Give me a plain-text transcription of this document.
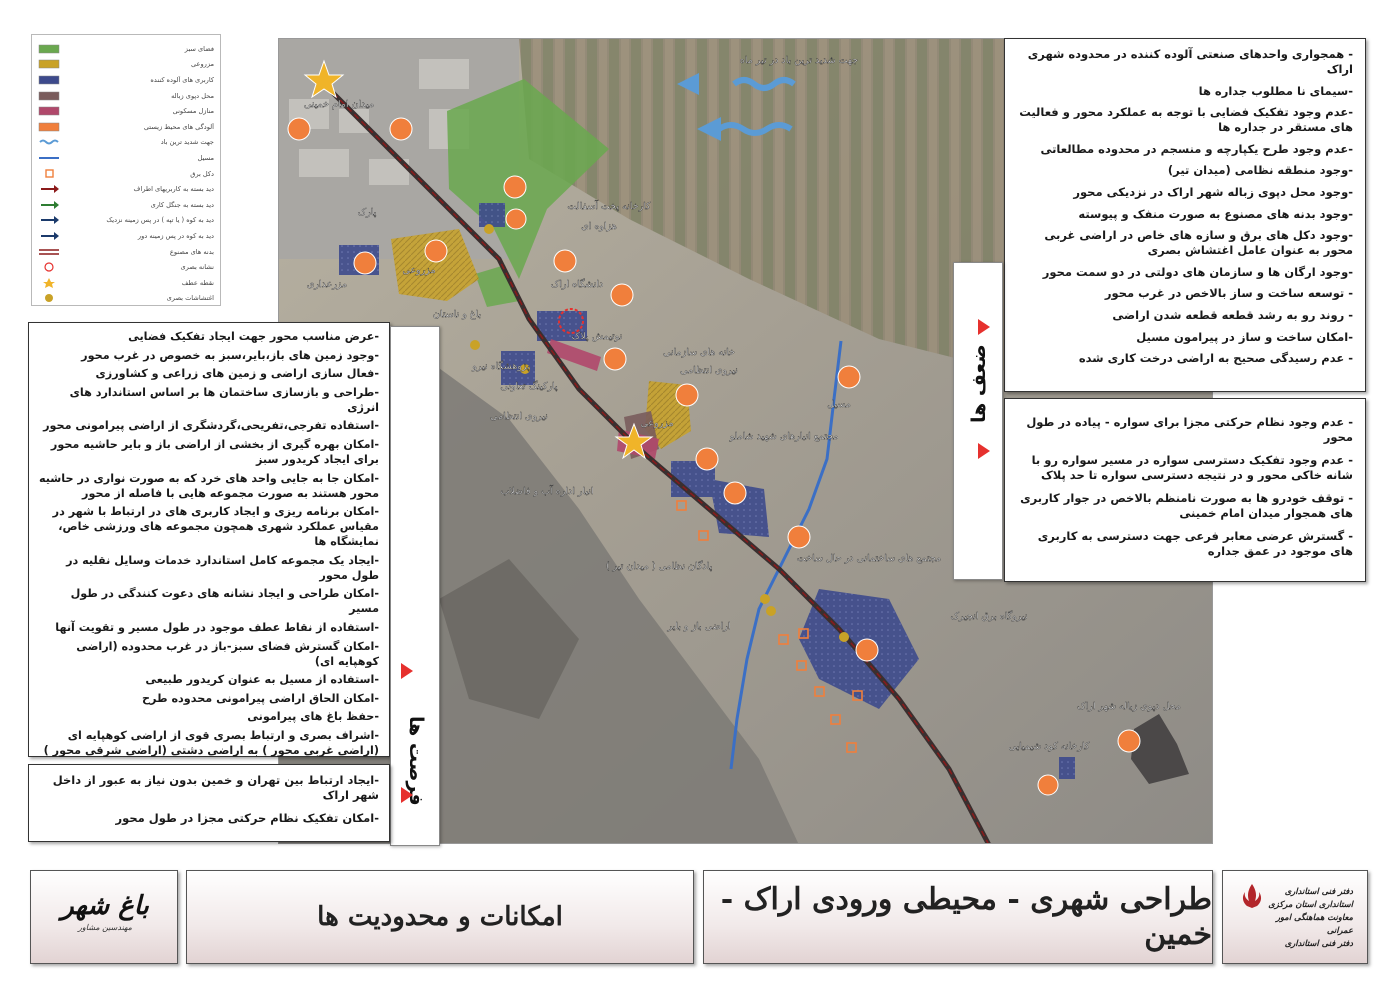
فضای سبز
مزروعی
کاربری های آلوده کننده
محل دپوی زباله
منازل مسکونی
آلودگی های محیط زیستی
جهت شدید ترین باد
مسیل
دکل برق
دید بسته به کاربریهای اطراف
دید بسته به جنگل کاری
دید به کوه ( یا تپه ) در پس زمینه نزدیک
دید به کوه در پس زمینه دور
بدنه های مصنوع
نشانه بصری
نقطه عطف
اغتشاشات بصری
جهت شدید ترین باد در تیر ماه
میدان امام خمینی
کارخانه پخت آسفالت
هزاوه ای
مزروعی
مزرعداری
پارک
دانشگاه اراک
باغ و ناستان
نوتیمش پلاک
خانه های سازمانی
نیروی انتظامی
مجتمع انبارهای شهید شاملو
مسیل
پارکینگ تعاونی
نیروی انتظامی
انبار اداره آب و فاضلاب
مزروعی
پادگان نظامی ( میدان تیر )
اراضی باز و بایر
مجتمع های ساختمانی در حال ساخت
نیروگاه برق انجیرک
محل دپوی زباله شهر اراک
کارخانه کود شیمیایی
پژوهشگاه نیرو
- همجواری واحدهای صنعتی آلوده کننده در محدوده شهری اراک
-سیمای نا مطلوب جداره ها
-عدم وجود تفکیک فضایی با توجه به عملکرد محور و فعالیت های مستقر در جداره ها
-عدم وجود طرح یکپارچه و منسجم در محدوده مطالعاتی
-وجود منطقه نظامی (میدان تیر)
-وجود محل دپوی زباله شهر اراک در نزدیکی محور
-وجود بدنه های مصنوع به صورت منفک و پیوسته
-وجود دکل های برق و سازه های خاص در اراضی غربی محور به عنوان عامل اغتشاش بصری
-وجود ارگان ها و سازمان های دولتی در دو سمت محور
- توسعه ساخت و ساز بالاخص در غرب محور
- روند رو به رشد قطعه قطعه شدن اراضی
-امکان ساخت و ساز در پیرامون مسیل
- عدم رسیدگی صحیح به اراضی درخت کاری شده
ضعف ها	- عدم وجود نظام حرکتی مجزا برای سواره - پیاده در طول محور
- عدم وجود تفکیک دسترسی سواره در مسیر سواره رو با شانه خاکی محور و در نتیجه دسترسی سواره تا حد پلاک
- توقف خودرو ها به صورت نامنظم بالاخص در جوار کاربری های همجوار میدان امام خمینی
- گسترش عرضی معابر فرعی جهت دسترسی به کاربری های موجود در عمق جداره
-عرض مناسب محور جهت ایجاد تفکیک فضایی
-وجود زمین های باز،بایر،سبز به خصوص در غرب محور
-فعال سازی اراضی و زمین های زراعی و کشاورزی
-طراحی و بازسازی ساختمان ها بر اساس استاندارد های انرژی
-استفاده تفرجی،تفریحی،گردشگری از اراضی پیرامونی محور
-امکان بهره گیری از بخشی از اراضی باز و بایر حاشیه محور برای ایجاد کریدور سبز
-امکان جا به جایی واحد های خرد که به صورت نواری در حاشیه محور هستند به صورت مجموعه هایی با فاصله از محور
-امکان برنامه ریزی و ایجاد کاربری های در ارتباط با شهر در مقیاس عملکرد شهری همچون مجموعه های ورزشی خاص، نمایشگاه ها
-ایجاد یک مجموعه کامل استاندارد خدمات وسایل نقلیه در طول محور
-امکان طراحی و ایجاد نشانه های دعوت کنندگی در طول مسیر
-استفاده از نقاط عطف موجود در طول مسیر و تقویت آنها
-امکان گسترش فضای سبز-باز در غرب محدوده (اراضی کوهپایه ای)
-استفاده از مسیل به عنوان کریدور طبیعی
-امکان الحاق اراضی پیرامونی محدوده طرح
-حفظ باغ های پیرامونی
-اشراف بصری و ارتباط بصری قوی از اراضی کوهپایه ای (اراضی غربی محور ) به اراضی دشتی (اراضی شرقی محور ) فرصت ها
-ایجاد ارتباط بین تهران و خمین بدون نیاز به عبور از داخل شهر اراک
-امکان تفکیک نظام حرکتی مجزا در طول محور
باغ شهر
مهندسین مشاور	امکانات و محدودیت ها	طراحی شهری - محیطی ورودی اراک - خمین
دفتر فنی استانداری
استانداری استان مرکزی
معاونت هماهنگی امور عمرانی
دفتر فنی استانداری
